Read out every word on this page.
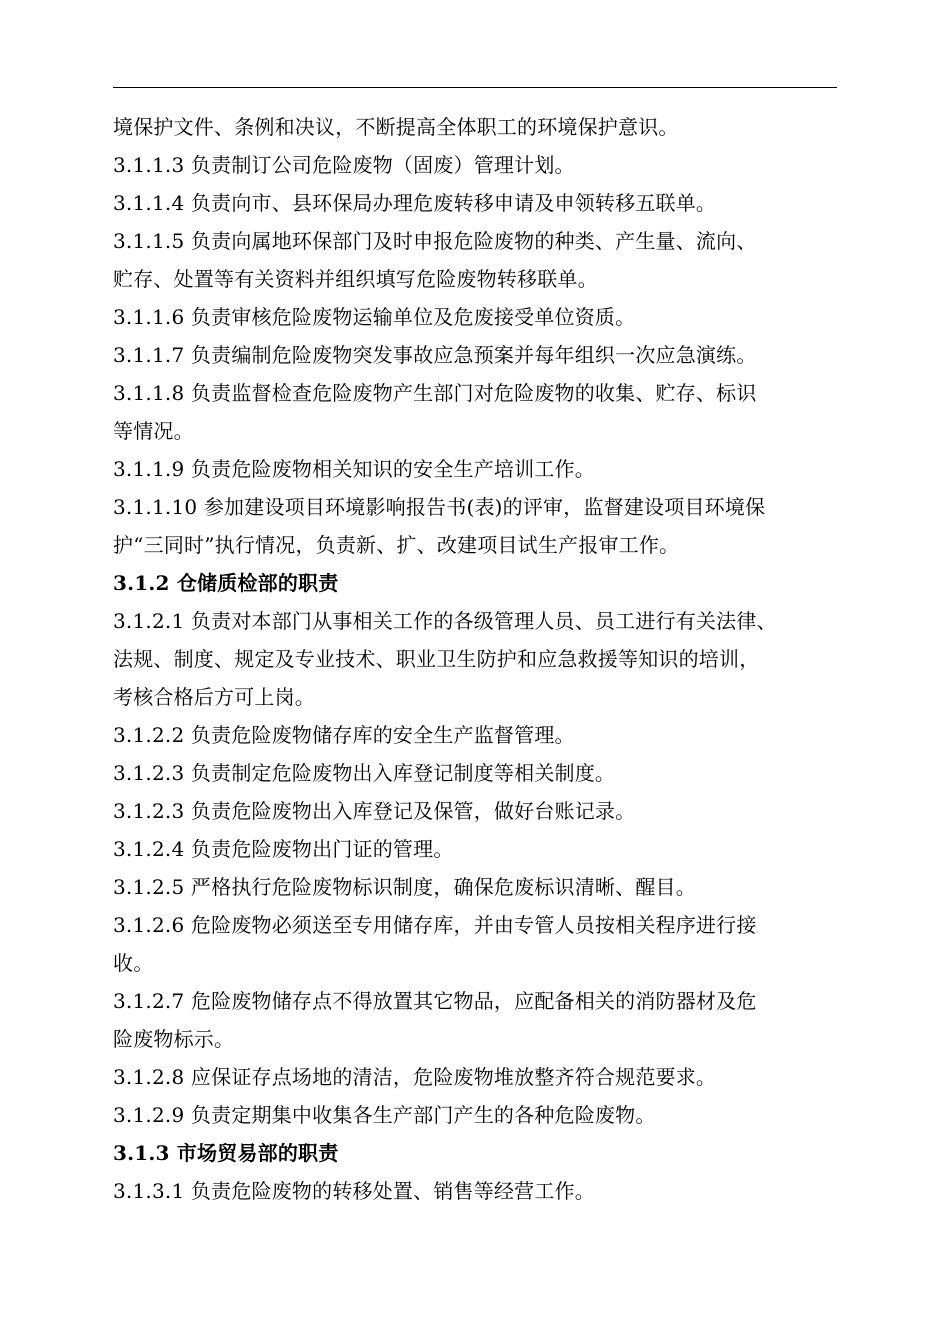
境保护文件、条例和决议，不断提高全体职工的环境保护意识。

3.1.1.3 负责制订公司危险废物（固废）管理计划。

3.1.1.4 负责向市、县环保局办理危废转移申请及申领转移五联单。

3.1.1.5 负责向属地环保部门及时申报危险废物的种类、产生量、流向、

贮存、处置等有关资料并组织填写危险废物转移联单。

3.1.1.6 负责审核危险废物运输单位及危废接受单位资质。

3.1.1.7 负责编制危险废物突发事故应急预案并每年组织一次应急演练。

3.1.1.8 负责监督检查危险废物产生部门对危险废物的收集、贮存、标识

等情况。

3.1.1.9 负责危险废物相关知识的安全生产培训工作。

3.1.1.10 参加建设项目环境影响报告书(表)的评审，监督建设项目环境保

护“三同时”执行情况，负责新、扩、改建项目试生产报审工作。

3.1.2 仓储质检部的职责

3.1.2.1 负责对本部门从事相关工作的各级管理人员、员工进行有关法律、

法规、制度、规定及专业技术、职业卫生防护和应急救援等知识的培训，

考核合格后方可上岗。

3.1.2.2 负责危险废物储存库的安全生产监督管理。

3.1.2.3 负责制定危险废物出入库登记制度等相关制度。

3.1.2.3 负责危险废物出入库登记及保管，做好台账记录。

3.1.2.4 负责危险废物出门证的管理。

3.1.2.5 严格执行危险废物标识制度，确保危废标识清晰、醒目。

3.1.2.6 危险废物必须送至专用储存库，并由专管人员按相关程序进行接

收。

3.1.2.7 危险废物储存点不得放置其它物品，应配备相关的消防器材及危

险废物标示。

3.1.2.8 应保证存点场地的清洁，危险废物堆放整齐符合规范要求。

3.1.2.9 负责定期集中收集各生产部门产生的各种危险废物。

3.1.3 市场贸易部的职责

3.1.3.1 负责危险废物的转移处置、销售等经营工作。
